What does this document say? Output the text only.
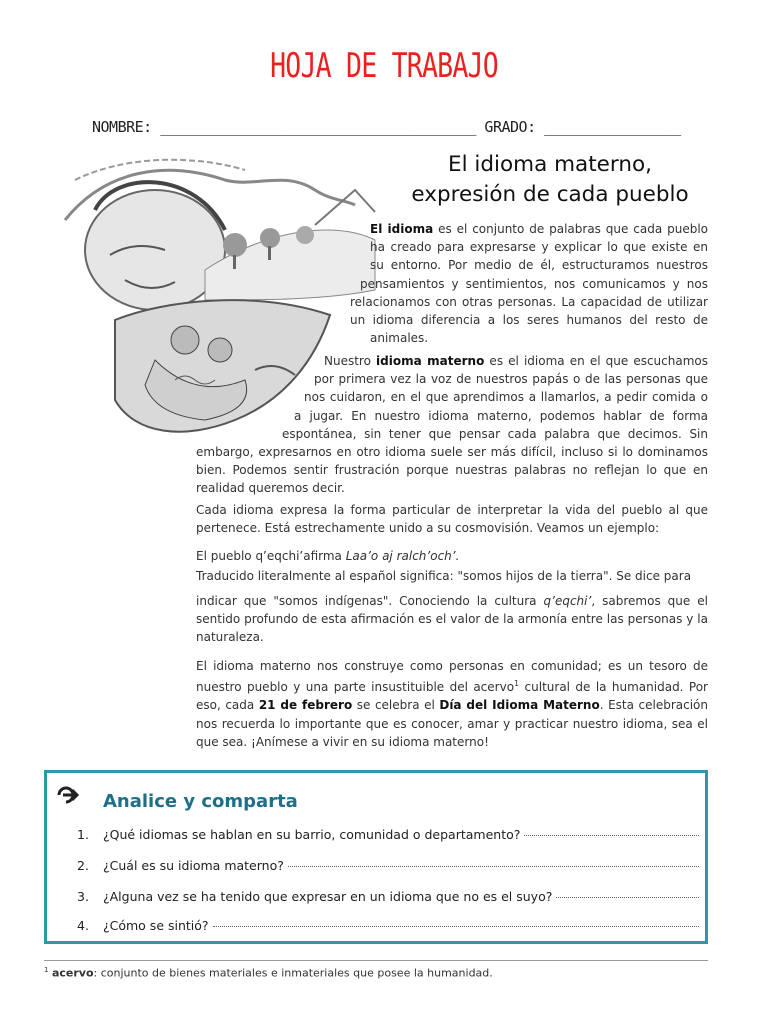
HOJA DE TRABAJO
NOMBRE: _____________________________________ GRADO: ________________
El idioma materno,
expresión de cada pueblo
El idioma es el conjunto de palabras que cada pueblo ha creado para expresarse y explicar lo que existe en su entorno. Por medio de él, estructuramos nuestros pensamientos y sentimientos, nos comunicamos y nos relacionamos con otras personas. La capacidad de utilizar un idioma diferencia a los seres humanos del resto de animales.
Nuestro idioma materno es el idioma en el que escuchamos por primera vez la voz de nuestros papás o de las personas que nos cuidaron, en el que aprendimos a llamarlos, a pedir comida o a jugar. En nuestro idioma materno, podemos hablar de forma espontánea, sin tener que pensar cada palabra que decimos. Sin embargo, expresarnos en otro idioma suele ser más difícil, incluso si lo dominamos bien. Podemos sentir frustración porque nuestras palabras no reflejan lo que en realidad queremos decir.
Cada idioma expresa la forma particular de interpretar la vida del pueblo al que pertenece. Está estrechamente unido a su cosmovisión. Veamos un ejemplo:
El pueblo q’eqchi’afirma Laa’o aj ralch’och’.
Traducido literalmente al español significa: "somos hijos de la tierra". Se dice para
indicar que "somos indígenas". Conociendo la cultura q’eqchi’, sabremos que el sentido profundo de esta afirmación es el valor de la armonía entre las personas y la naturaleza.
El idioma materno nos construye como personas en comunidad; es un tesoro de nuestro pueblo y una parte insustituible del acervo$^1$ cultural de la humanidad. Por eso, cada 21 de febrero se celebra el Día del Idioma Materno. Esta celebración nos recuerda lo importante que es conocer, amar y practicar nuestro idioma, sea el que sea. ¡Anímese a vivir en su idioma materno!
Analice y comparta
1.	¿Qué idiomas se hablan en su barrio, comunidad o departamento?
2.	¿Cuál es su idioma materno?
3.	¿Alguna vez se ha tenido que expresar en un idioma que no es el suyo?
4.	¿Cómo se sintió?
$^1$ acervo: conjunto de bienes materiales e inmateriales que posee la humanidad.
